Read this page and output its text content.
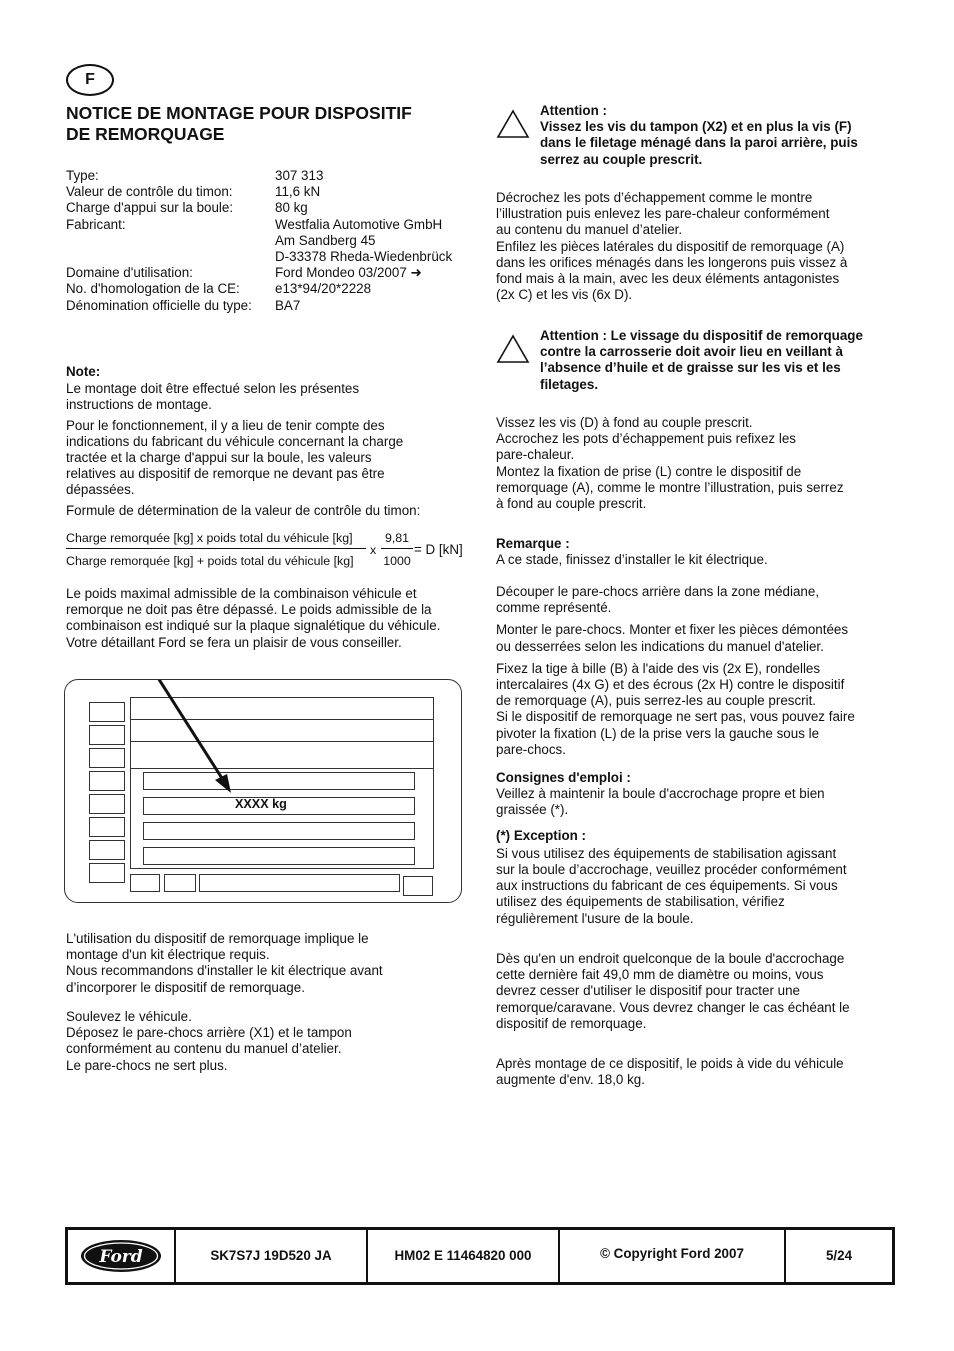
F
NOTICE DE MONTAGE POUR DISPOSITIF
DE REMORQUAGE
Type:	307 313
Valeur de contrôle du timon:	11,6 kN
Charge d'appui sur la boule:	80 kg
Fabricant:	Westfalia Automotive GmbH
Am Sandberg 45
D-33378 Rheda-Wiedenbrück
Domaine d'utilisation:	Ford Mondeo 03/2007 ➜
No. d'homologation de la CE:	e13*94/20*2228
Dénomination officielle du type:	BA7

Note:

Le montage doit être effectué selon les présentes
instructions de montage.

Pour le fonctionnement, il y a lieu de tenir compte des
indications du fabricant du véhicule concernant la charge
tractée et la charge d'appui sur la boule, les valeurs
relatives au dispositif de remorque ne devant pas être
dépassées.

Formule de détermination de la valeur de contrôle du timon:

Charge remorquée [kg] x poids total du véhicule [kg]
Charge remorquée [kg] + poids total du véhicule [kg]
x
9,81
1000
= D [kN]

Le poids maximal admissible de la combinaison véhicule et
remorque ne doit pas être dépassé. Le poids admissible de la
combinaison est indiqué sur la plaque signalétique du véhicule.
Votre détaillant Ford se fera un plaisir de vous conseiller.

XXXX kg

L'utilisation du dispositif de remorquage implique le
montage d'un kit électrique requis.
Nous recommandons d'installer le kit électrique avant
d’incorporer le dispositif de remorquage.

Soulevez le véhicule.
Déposez le pare-chocs arrière (X1) et le tampon
conformément au contenu du manuel d’atelier.
Le pare-chocs ne sert plus.

Attention :
Vissez les vis du tampon (X2) et en plus la vis (F)
dans le filetage ménagé dans la paroi arrière, puis
serrez au couple prescrit.

Décrochez les pots d’échappement comme le montre
l’illustration puis enlevez les pare-chaleur conformément
au contenu du manuel d’atelier.
Enfilez les pièces latérales du dispositif de remorquage (A)
dans les orifices ménagés dans les longerons puis vissez à
fond mais à la main, avec les deux éléments antagonistes
(2x C) et les vis (6x D).

Attention : Le vissage du dispositif de remorquage
contre la carrosserie doit avoir lieu en veillant à
l’absence d’huile et de graisse sur les vis et les
filetages.

Vissez les vis (D) à fond au couple prescrit.
Accrochez les pots d’échappement puis refixez les
pare-chaleur.
Montez la fixation de prise (L) contre le dispositif de
remorquage (A), comme le montre l’illustration, puis serrez
à fond au couple prescrit.

Remarque :

A ce stade, finissez d’installer le kit électrique.

Découper le pare-chocs arrière dans la zone médiane,
comme représenté.

Monter le pare-chocs. Monter et fixer les pièces démontées
ou desserrées selon les indications du manuel d'atelier.

Fixez la tige à bille (B) à l'aide des vis (2x E), rondelles
intercalaires (4x G) et des écrous (2x H) contre le dispositif
de remorquage (A), puis serrez-les au couple prescrit.
Si le dispositif de remorquage ne sert pas, vous pouvez faire
pivoter la fixation (L) de la prise vers la gauche sous le
pare-chocs.

Consignes d'emploi :

Veillez à maintenir la boule d'accrochage propre et bien
graissée (*).

(*) Exception :

Si vous utilisez des équipements de stabilisation agissant
sur la boule d’accrochage, veuillez procéder conformément
aux instructions du fabricant de ces équipements. Si vous
utilisez des équipements de stabilisation, vérifiez
régulièrement l'usure de la boule.

Dès qu'en un endroit quelconque de la boule d'accrochage
cette dernière fait 49,0 mm de diamètre ou moins, vous
devrez cesser d'utiliser le dispositif pour tracter une
remorque/caravane. Vous devrez changer le cas échéant le
dispositif de remorquage.

Après montage de ce dispositif, le poids à vide du véhicule
augmente d'env. 18,0 kg.

Ford	SK7S7J 19D520 JA	HM02 E 11464820 000	© Copyright Ford 2007	5/24
